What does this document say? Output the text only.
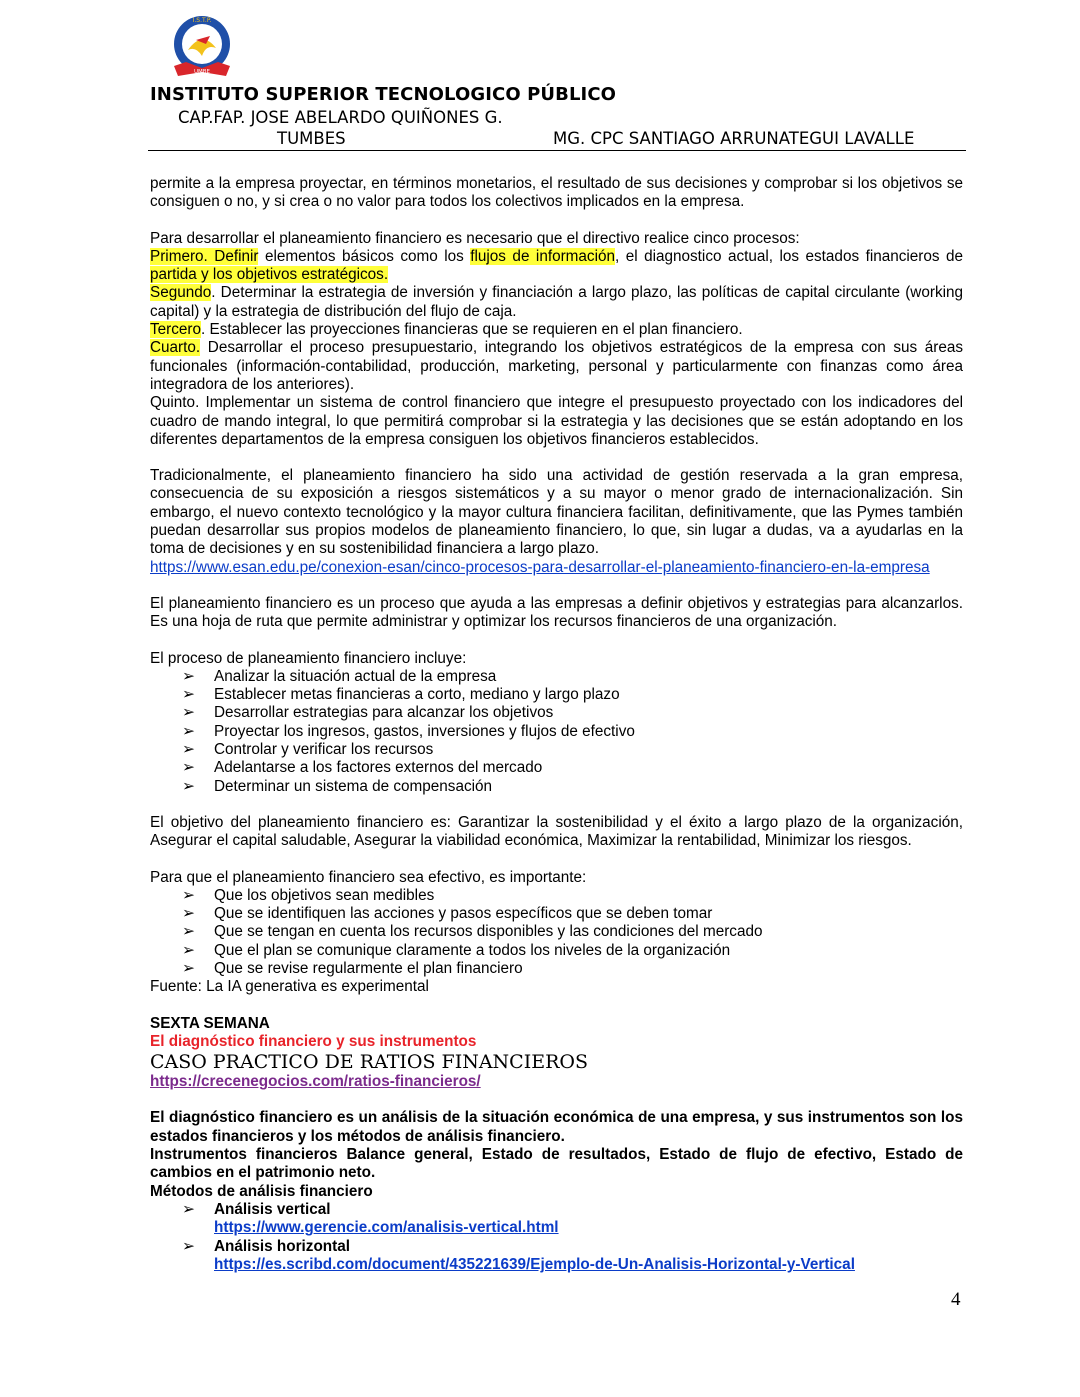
I.S.T.P.
UMBE
INSTITUTO SUPERIOR TECNOLOGICO PÚBLICO
CAP.FAP. JOSE ABELARDO QUIÑONES G.
TUMBES	MG. CPC SANTIAGO ARRUNATEGUI LAVALLE

permite a la empresa proyectar, en términos monetarios, el resultado de sus decisiones y comprobar si los objetivos se consiguen o no, y si crea o no valor para todos los colectivos implicados en la empresa.

Para desarrollar el planeamiento financiero es necesario que el directivo realice cinco procesos:

Primero. Definir elementos básicos como los flujos de información, el diagnostico actual, los estados financieros de partida y los objetivos estratégicos.

Segundo. Determinar la estrategia de inversión y financiación a largo plazo, las políticas de capital circulante (working capital) y la estrategia de distribución del flujo de caja.

Tercero. Establecer las proyecciones financieras que se requieren en el plan financiero.

Cuarto. Desarrollar el proceso presupuestario, integrando los objetivos estratégicos de la empresa con sus áreas funcionales (información-contabilidad, producción, marketing, personal y particularmente con finanzas como área integradora de los anteriores).

Quinto. Implementar un sistema de control financiero que integre el presupuesto proyectado con los indicadores del cuadro de mando integral, lo que permitirá comprobar si la estrategia y las decisiones que se están adoptando en los diferentes departamentos de la empresa consiguen los objetivos financieros establecidos.

Tradicionalmente, el planeamiento financiero ha sido una actividad de gestión reservada a la gran empresa, consecuencia de su exposición a riesgos sistemáticos y a su mayor o menor grado de internacionalización. Sin embargo, el nuevo contexto tecnológico y la mayor cultura financiera facilitan, definitivamente, que las Pymes también puedan desarrollar sus propios modelos de planeamiento financiero, lo que, sin lugar a dudas, va a ayudarlas en la toma de decisiones y en su sostenibilidad financiera a largo plazo.

https://www.esan.edu.pe/conexion-esan/cinco-procesos-para-desarrollar-el-planeamiento-financiero-en-la-empresa

El planeamiento financiero es un proceso que ayuda a las empresas a definir objetivos y estrategias para alcanzarlos. Es una hoja de ruta que permite administrar y optimizar los recursos financieros de una organización.

El proceso de planeamiento financiero incluye:

➢ Analizar la situación actual de la empresa
➢ Establecer metas financieras a corto, mediano y largo plazo
➢ Desarrollar estrategias para alcanzar los objetivos
➢ Proyectar los ingresos, gastos, inversiones y flujos de efectivo
➢ Controlar y verificar los recursos
➢ Adelantarse a los factores externos del mercado
➢ Determinar un sistema de compensación

El objetivo del planeamiento financiero es: Garantizar la sostenibilidad y el éxito a largo plazo de la organización, Asegurar el capital saludable, Asegurar la viabilidad económica, Maximizar la rentabilidad, Minimizar los riesgos.

Para que el planeamiento financiero sea efectivo, es importante:

➢ Que los objetivos sean medibles
➢ Que se identifiquen las acciones y pasos específicos que se deben tomar
➢ Que se tengan en cuenta los recursos disponibles y las condiciones del mercado
➢ Que el plan se comunique claramente a todos los niveles de la organización
➢ Que se revise regularmente el plan financiero

Fuente: La IA generativa es experimental

SEXTA SEMANA

El diagnóstico financiero y sus instrumentos

CASO PRACTICO DE RATIOS FINANCIEROS

https://crecenegocios.com/ratios-financieros/

El diagnóstico financiero es un análisis de la situación económica de una empresa, y sus instrumentos son los estados financieros y los métodos de análisis financiero.

Instrumentos financieros Balance general, Estado de resultados, Estado de flujo de efectivo, Estado de cambios en el patrimonio neto.

Métodos de análisis financiero

➢ Análisis vertical
https://www.gerencie.com/analisis-vertical.html
➢ Análisis horizontal
https://es.scribd.com/document/435221639/Ejemplo-de-Un-Analisis-Horizontal-y-Vertical
4
